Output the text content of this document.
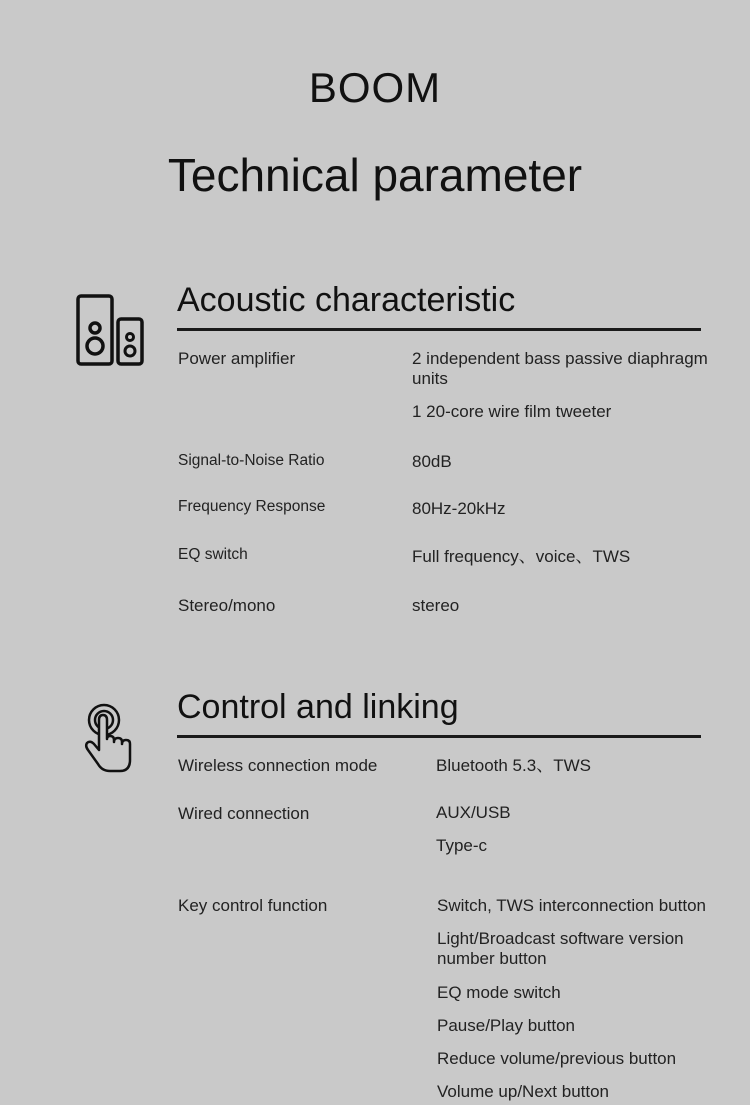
BOOM
Technical parameter
Acoustic characteristic
Power amplifier	2 independent bass passive diaphragm units
1 20-core wire film tweeter
Signal-to-Noise Ratio	80dB
Frequency Response	80Hz-20kHz
EQ switch	Full frequency、voice、TWS
Stereo/mono	stereo
Control and linking
Wireless connection mode	Bluetooth 5.3、TWS
Wired connection	AUX/USB
Type-c
Key control function	Switch, TWS interconnection button
Light/Broadcast software version number button
EQ mode switch
Pause/Play button
Reduce volume/previous button
Volume up/Next button
